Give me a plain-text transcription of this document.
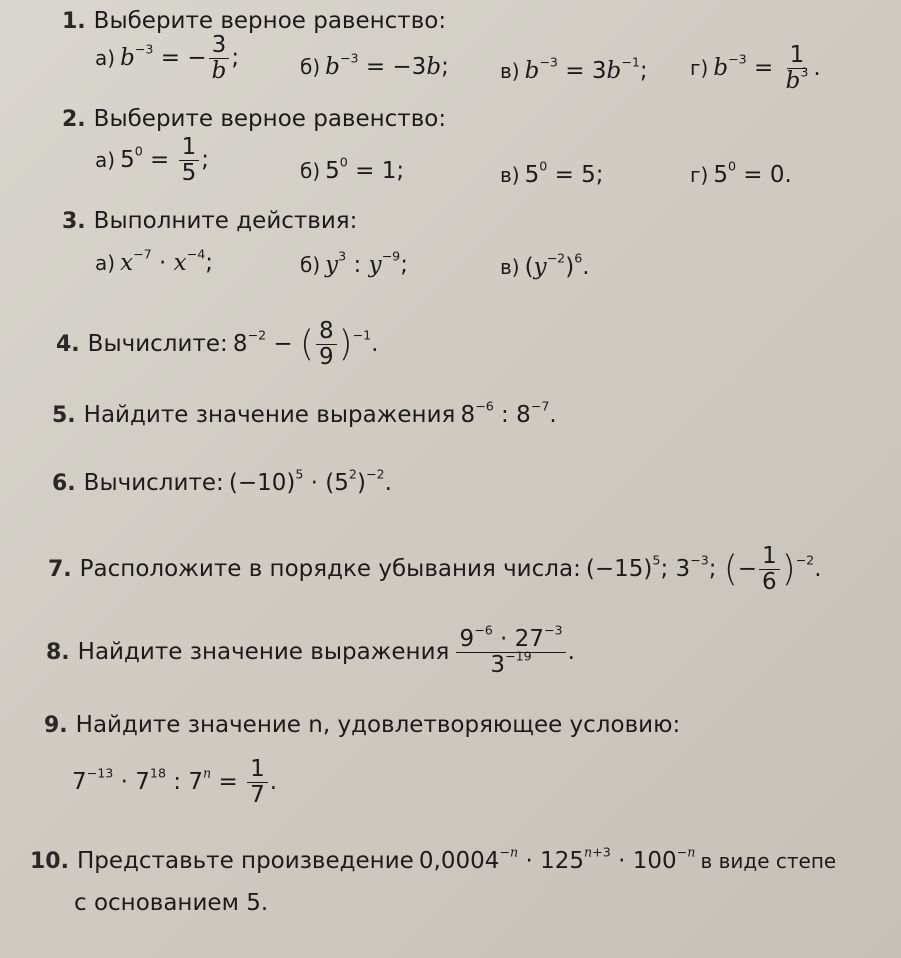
1. Выберите верное равенство:
а) $b^{-3}$ = − $\frac{3}{b}$ ;	б) $b^{-3} = -3b$;	в) $b^{-3} = 3b^{-1}$; г) $b^{-3} = \frac{1}{b^3}$ .
2. Выберите верное равенство:
а) $5^0 = \frac{1}{5}$ ;	б) $5^0 = 1$;	в) $5^0 = 5$;	г) $5^0 = 0$.
3. Выполните действия:
а) $x^{-7} \cdot x^{-4}$;	б) $y^3$ : $y^{-9}$;	в) $(y^{-2})^6$.
4. Вычислите: $8^{-2}$ − ( $\frac{8}{9} )^{-1}$.
5. Найдите значение выражения $8^{-6}$ : $8^{-7}$.
6. Вычислите: $(-10)^5 \cdot (5^2)^{-2}$.
7. Расположите в порядке убывания числа: $(-15)^5$; $3^{-3}$; (− $\frac{1}{6} )^{-2}$.
8. Найдите значение выражения $\frac{9^{-6} \cdot 27^{-3}}{3^{-19}}$ .
9. Найдите значение n, удовлетворяющее условию:
$7^{-13} \cdot 7^{18}$ : $7^n = \frac{1}{7}$ .
10. Представьте произведение $0,0004^{-n} \cdot 125^{n+3} \cdot 100^{-n}$ в виде степе
с основанием 5.
